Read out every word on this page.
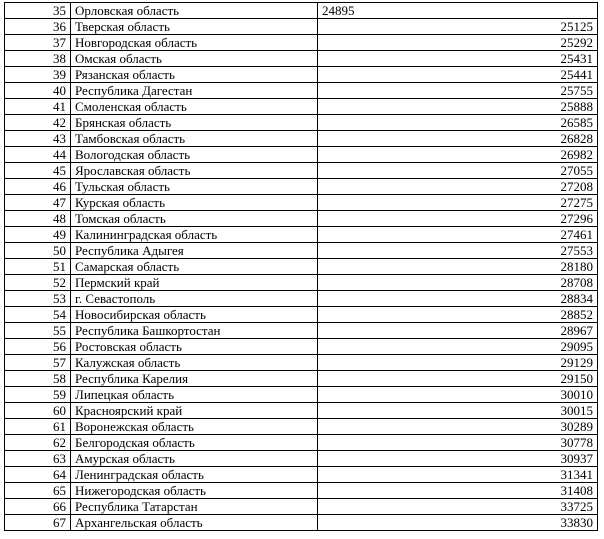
35	Орловская область	24895
36	Тверская область	25125
37	Новгородская область	25292
38	Омская область	25431
39	Рязанская область	25441
40	Республика Дагестан	25755
41	Смоленская область	25888
42	Брянская область	26585
43	Тамбовская область	26828
44	Вологодская область	26982
45	Ярославская область	27055
46	Тульская область	27208
47	Курская область	27275
48	Томская область	27296
49	Калининградская область	27461
50	Республика Адыгея	27553
51	Самарская область	28180
52	Пермский край	28708
53	г. Севастополь	28834
54	Новосибирская область	28852
55	Республика Башкортостан	28967
56	Ростовская область	29095
57	Калужская область	29129
58	Республика Карелия	29150
59	Липецкая область	30010
60	Красноярский край	30015
61	Воронежская область	30289
62	Белгородская область	30778
63	Амурская область	30937
64	Ленинградская область	31341
65	Нижегородская область	31408
66	Республика Татарстан	33725
67	Архангельская область	33830
